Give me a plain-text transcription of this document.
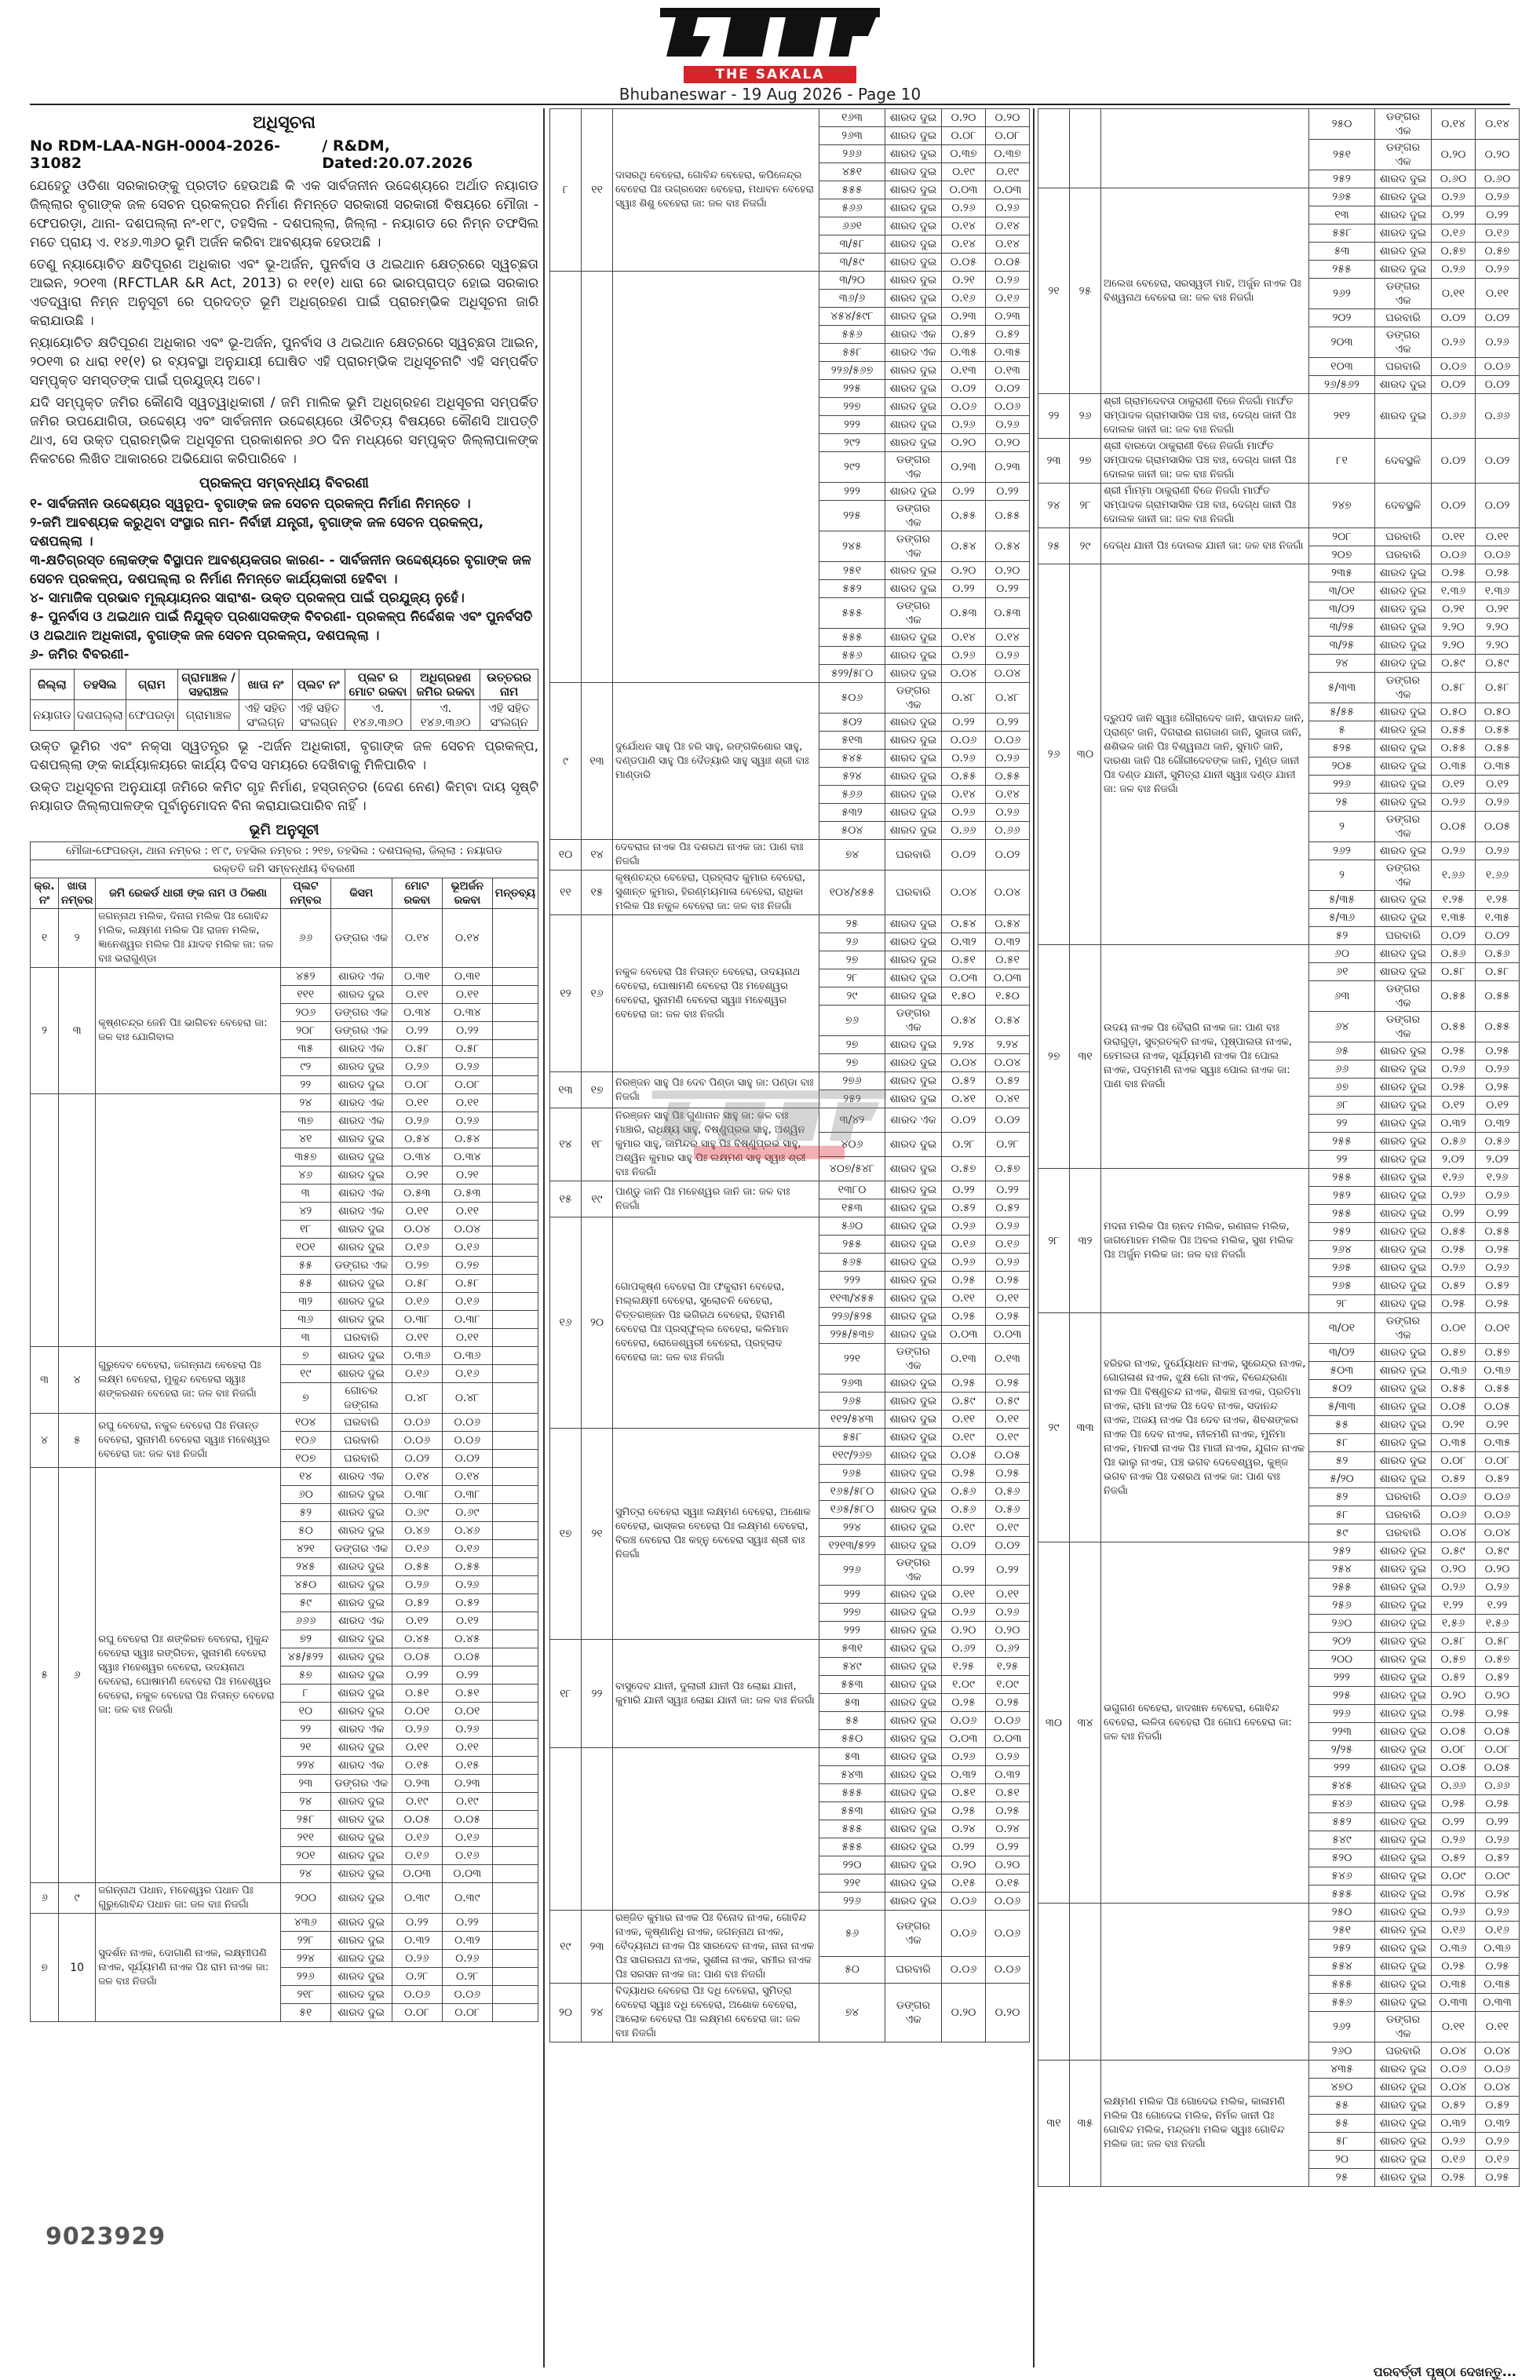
THE SAKALA
Bhubaneswar - 19 Aug 2026 - Page 10
ଅଧିସୂଚନା
No RDM-LAA-NGH-0004-2026-31082
/ R&DM, Dated:20.07.2026

ଯେହେତୁ ଓଡିଶା ସରକାରଙ୍କୁ ପ୍ରତୀତ ହେଉଅଛି କି ଏକ ସାର୍ବଜନୀନ ଉଦ୍ଦେଶ୍ୟରେ ଅର୍ଥାତ ନୟାଗଡ ଜିଲ୍ଲାର ବୃଗାଙ୍କ ଜଳ ସେଚନ ପ୍ରକଳ୍ପର ନିର୍ମାଣ ନିମନ୍ତେ ସରକାରୀ ସରକାରୀ ବିଷୟରେ ମୌଜା - ଫେପରଡ଼ା, ଥାନା- ଦଶପଲ୍ଲା ନଂ-୧୮୯, ତହସିଲ - ଦଶପଲ୍ଲା, ଜିଲ୍ଲା - ନୟାଗଡ ରେ ନିମ୍ନ ତଫସିଲ ମତେ ପ୍ରାୟ ଏ. ୧୪୬.୩୬୦ ଭୂମି ଅର୍ଜନ କରିବା ଆବଶ୍ୟକ ହେଉଅଛି ।

ତେଣୁ ନ୍ୟାୟୋଚିତ କ୍ଷତିପୂରଣ ଅଧିକାର ଏବଂ ଭୂ-ଅର୍ଜନ, ପୁନର୍ବାସ ଓ ଥଇଥାନ କ୍ଷେତ୍ରରେ ସ୍ୱଚ୍ଛତା ଆଇନ, ୨୦୧୩ (RFCTLAR &R Act, 2013) ର ୧୧(୧) ଧାରା ରେ ଭାରପ୍ରାପ୍ତ ହୋଇ ସରକାର ଏତଦ୍ୱାରା ନିମ୍ନ ଅନୁସୂଚୀ ରେ ପ୍ରଦତ୍ତ ଭୂମି ଅଧିଗ୍ରହଣ ପାଇଁ ପ୍ରାରମ୍ଭିକ ଅଧିସୂଚନା ଜାରି କରାଯାଉଛି ।

ନ୍ୟାୟୋଚିତ କ୍ଷତିପୂରଣ ଅଧିକାର ଏବଂ ଭୂ-ଅର୍ଜନ, ପୁନର୍ବାସ ଓ ଥଇଥାନ କ୍ଷେତ୍ରରେ ସ୍ୱଚ୍ଛତା ଆଇନ, ୨୦୧୩ ର ଧାରା ୧୧(୧) ର ବ୍ୟବସ୍ଥା ଅନୁଯାୟୀ ଘୋଷିତ ଏହି ପ୍ରାରମ୍ଭିକ ଅଧିସୂଚନାଟି ଏହି ସମ୍ପର୍କିତ ସମ୍ପୃକ୍ତ ସମସ୍ତଙ୍କ ପାଇଁ ପ୍ରଯୁଜ୍ୟ ଅଟେ।

ଯଦି ସମ୍ପୃକ୍ତ ଜମିର କୌଣସି ସ୍ୱତ୍ୱାଧିକାରୀ / ଜମି ମାଲିକ ଭୂମି ଅଧିଗ୍ରହଣ ଅଧିସୂଚନା ସମ୍ପର୍କିତ ଜମିର ଉପଯୋଗିତା, ଉଦ୍ଦେଶ୍ୟ ଏବଂ ସାର୍ବଜନୀନ ଉଦ୍ଦେଶ୍ୟରେ ଔଚିତ୍ୟ ବିଷୟରେ କୌଣସି ଆପତ୍ତି ଥାଏ, ସେ ଉକ୍ତ ପ୍ରାରମ୍ଭିକ ଅଧିସୂଚନା ପ୍ରକାଶନର ୬୦ ଦିନ ମଧ୍ୟରେ ସମ୍ପୃକ୍ତ ଜିଲ୍ଲାପାଳଙ୍କ ନିକଟରେ ଲିଖିତ ଆକାରରେ ଅଭିଯୋଗ କରିପାରିବେ ।

ପ୍ରକଳ୍ପ ସମ୍ବନ୍ଧୀୟ ବିବରଣୀ

୧- ସାର୍ବଜନୀନ ଉଦ୍ଦେଶ୍ୟର ସ୍ୱରୂପ- ବୃଗାଙ୍କ ଜଳ ସେଚନ ପ୍ରକଳ୍ପ ନିର୍ମାଣ ନିମନ୍ତେ ।

୨-ଜମି ଆବଶ୍ୟକ କରୁଥିବା ସଂସ୍ଥାର ନାମ- ନିର୍ବାହୀ ଯନ୍ତ୍ରୀ, ବୃଗାଙ୍କ ଜଳ ସେଚନ ପ୍ରକଳ୍ପ, ଦଶପଲ୍ଲା ।

୩-କ୍ଷତିଗ୍ରସ୍ତ ଲୋକଙ୍କ ବିସ୍ଥାପନ ଆବଶ୍ୟକତାର କାରଣ- - ସାର୍ବଜନୀନ ଉଦ୍ଦେଶ୍ୟରେ ବୃଗାଙ୍କ ଜଳ ସେଚନ ପ୍ରକଳ୍ପ, ଦଶପଲ୍ଲା ର ନିର୍ମାଣ ନିମନ୍ତେ କାର୍ଯ୍ୟକାରୀ ହେବିବା ।

୪- ସାମାଜିକ ପ୍ରଭାବ ମୂଲ୍ୟାୟନର ସାରାଂଶ- ଉକ୍ତ ପ୍ରକଳ୍ପ ପାଇଁ ପ୍ରଯୁଜ୍ୟ ନୁହେଁ।

୫- ପୁନର୍ବାସ ଓ ଥଇଥାନ ପାଇଁ ନିଯୁକ୍ତ ପ୍ରଶାସକଙ୍କ ବିବରଣୀ- ପ୍ରକଳ୍ପ ନିର୍ଦ୍ଦେଶକ ଏବଂ ପୁନର୍ବସତି ଓ ଥଇଥାନ ଅଧିକାରୀ, ବୃଗାଙ୍କ ଜଳ ସେଚନ ପ୍ରକଳ୍ପ, ଦଶପଲ୍ଲା ।

୬- ଜମିର ବିବରଣୀ-

ଜିଲ୍ଲା	ତହସିଲ	ଗ୍ରାମ	ଗ୍ରାମାଞ୍ଚଳ / ସହରାଞ୍ଚଳ	ଖାତା ନଂ	ପ୍ଲଟ ନଂ	ପ୍ଲଟ ର ମୋଟ ରକବା	ଅଧିଗ୍ରହଣ ଜମିର ରକବା	ଉତ୍ତରର ନାମ
ନୟାଗଡ	ଦଶପଲ୍ଲା	ଫେପରଡ଼ା	ଗ୍ରାମାଞ୍ଚଳ	ଏହି ସହିତ ସଂଲଗ୍ନ	ଏହି ସହିତ ସଂଲଗ୍ନ	ଏ. ୧୪୬.୩୬୦	ଏ. ୧୪୬.୩୬୦	ଏହି ସହିତ ସଂଲଗ୍ନ

ଉକ୍ତ ଭୂମିର ଏବଂ ନକ୍ସା ସ୍ୱତନ୍ତ୍ର ଭୂ -ଅର୍ଜନ ଅଧିକାରୀ, ବୃଗାଙ୍କ ଜଳ ସେଚନ ପ୍ରକଳ୍ପ, ଦଶପଲ୍ଲା ଙ୍କ କାର୍ଯ୍ୟାଳୟରେ କାର୍ଯ୍ୟ ଦିବସ ସମୟରେ ଦେଖିବାକୁ ମିଳିପାରିବ ।

ଉକ୍ତ ଅଧିସୂଚନା ଅନୁଯାୟୀ ଜମିରେ କମିଟ ଗୃହ ନିର୍ମାଣ, ହସ୍ତାନ୍ତର (ଦେଣ ନେଣ) କିମ୍ବା ଦାୟ ସୃଷ୍ଟି ନୟାଗଡ ଜିଲ୍ଲାପାଳଙ୍କ ପୂର୍ବାନୁମୋଦନ ବିନା କରାଯାଇପାରିବ ନାହିଁ ।

ଭୂମି ଅନୁସୂଚୀ
ମୌଜା-ଫେପରଡ଼ା, ଥାନା ନମ୍ବର : ୧୮୯, ତହସିଲ ନମ୍ବର : ୨୧୭, ତହସିଲ : ଦଶପଲ୍ଲା, ଜିଲ୍ଲା : ନୟାଗଡ
ରକ୍ତତି ଜମି ସମ୍ବନ୍ଧୀୟ ବିବରଣୀ
କ୍ର. ନଂ	ଖାତା ନମ୍ବର	ଜମି ରେକର୍ଡ ଧାରୀ ଙ୍କ ନାମ ଓ ଠିକଣା	ପ୍ଲଟ ନମ୍ବର	କିସମ	ମୋଟ ରକବା	ଭୂଅର୍ଜନ ରକବା	ମନ୍ତବ୍ୟ
୧	୨	ଜଗନ୍ନାଥ ମଲିକ, ଦିନାଗ ମଲିକ ପିଃ ଗୋବିନ୍ଦ ମଲିକ, ଲକ୍ଷ୍ମଣ ମଲିକ ପିଃ ରାଜନ ମଲିକ, ଜ୍ଞାନେଶ୍ୱର ମଲିକ ପିଃ ଯାଦବ ମଲିକ ଜା: ଜଳ ବାଃ ଭରାଗୁଣ୍ଡା	୬୬	ଡଙ୍ଗର ଏକ	୦.୧୪	୦.୧୪	
୨	୩	କୃଷ୍ଣଚନ୍ଦ୍ର ଜେନି ପିଃ ଭାଗିଚନ ବେହେରା ଜା: ଜଳ ବାଃ ଯୋଗିବାଲ	୪୫୨	ଶାରଦ ଏକ	୦.୩୧	୦.୩୧	
			୧୧୧	ଶାରଦ ଦୁଇ	୦.୧୧	୦.୧୧	
			୨୦୬	ଡଙ୍ଗର ଏକ	୦.୩୪	୦.୩୪	
			୨୦୮	ଡଙ୍ଗର ଏକ	୦.୨୨	୦.୨୨	
			୩୫	ଶାରଦ ଏକ	୦.୫୮	୦.୫୮	
			୯୨	ଶାରଦ ଦୁଇ	୦.୨୬	୦.୨୬	
			୨୨	ଶାରଦ ଦୁଇ	୦.୦୮	୦.୦୮	
			୨୪	ଶାରଦ ଏକ	୦.୧୧	୦.୧୧	
			୩୭	ଶାରଦ ଏକ	୦.୨୬	୦.୨୬	
			୪୧	ଶାରଦ ଦୁଇ	୦.୫୪	୦.୫୪	
			୩୫୭	ଶାରଦ ଦୁଇ	୦.୩୪	୦.୩୪	
			୪୬	ଶାରଦ ଦୁଇ	୦.୨୧	୦.୨୧	
			୩	ଶାରଦ ଏକ	୦.୫୩	୦.୫୩	
			୪୨	ଶାରଦ ଏକ	୦.୧୧	୦.୧୧	
			୧୮	ଶାରଦ ଦୁଇ	୦.୦୪	୦.୦୪	
			୧୦୧	ଶାରଦ ଦୁଇ	୦.୧୬	୦.୧୬	
			୫୫	ଡଙ୍ଗର ଏକ	୦.୨୭	୦.୨୭	
			୫୫	ଶାରଦ ଦୁଇ	୦.୫୮	୦.୫୮	
			୩୨	ଶାରଦ ଦୁଇ	୦.୧୬	୦.୧୬	
			୩୬	ଶାରଦ ଦୁଇ	୦.୩୮	୦.୩୮	
			୩	ଘରବାରି	୦.୧୧	୦.୧୧	
୩	୪	ଗୁରୁଦେବ ବେହେରା, ଜଗନ୍ନାଥ ବେହେରା ପିଃ ଲକ୍ଷ୍ମ ବେହେରା, ମୁକୁନ୍ଦ ବେହେରା ସ୍ୱାଃ ଶଙ୍କରଶନ ବେହେରା ଜା: ଜଳ ବାଃ ନିଜଗାଁ	୭	ଶାରଦ ଦୁଇ	୦.୩୬	୦.୩୬	
			୧୯	ଶାରଦ ଦୁଇ	୦.୧୬	୦.୧୬	
			୭	ଗୋଚର ଜଙ୍ଗଲ	୦.୪୮	୦.୪୮	
୪	୫	ରଘୁ ବେହେରା, ନକୁଳ ବେହେରା ପିଃ ନିତାନ୍ତ ବେହେରା, ସୁନାମଣି ବେହେରା ସ୍ୱାଃ ମହେଶ୍ୱର ବେହେରା ଜା: ଜଳ ବାଃ ନିଜଗାଁ	୧୦୪	ଘରବାରି	୦.୦୬	୦.୦୬	
			୧୦୬	ଘରବାରି	୦.୦୬	୦.୦୬	
			୧୦୭	ଘରବାରି	୦.୦୨	୦.୦୨	
୫	୬	ରଘୁ ବେହେରା ପିଃ ଶଙ୍କିରନ ବେହେରା, ମୁକୁନ୍ଦ ବେହେରା ସ୍ୱାଃ ରଙ୍ଗିତନ, ସୁନାମଣି ବେହେରା ସ୍ୱାଃ ମହେଶ୍ୱର ବେହେରା, ଉଦୟନାଥ ବେହେରା, ଘୋଷାମଣି ବେହେରା ପିଃ ମହେଶ୍ୱର ବେହେରା, ନକୁଳ ବେହେରା ପିଃ ନିତାନ୍ତ ବେହେରା ଜା: ଜଳ ବାଃ ନିଜଗାଁ	୧୪	ଶାରଦ ଏକ	୦.୧୪	୦.୧୪	
			୬୦	ଶାରଦ ଦୁଇ	୦.୩୮	୦.୩୮	
			୫୨	ଶାରଦ ଦୁଇ	୦.୬୯	୦.୬୯	
			୫୦	ଶାରଦ ଦୁଇ	୦.୪୬	୦.୪୬	
			୪୨୧	ଡଙ୍ଗର ଏକ	୦.୧୬	୦.୧୬	
			୨୪୫	ଶାରଦ ଦୁଇ	୦.୫୫	୦.୫୫	
			୪୫୦	ଶାରଦ ଦୁଇ	୦.୨୬	୦.୨୬	
			୫୯	ଶାରଦ ଦୁଇ	୦.୫୨	୦.୫୨	
			୬୬୬	ଶାରଦ ଏକ	୦.୧୨	୦.୧୨	
			୭୨	ଶାରଦ ଦୁଇ	୦.୪୫	୦.୪୫	
			୪୫/୫୨୨	ଶାରଦ ଦୁଇ	୦.୦୫	୦.୦୫	
			୫୭	ଶାରଦ ଦୁଇ	୦.୨୨	୦.୨୨	
			୮	ଶାରଦ ଦୁଇ	୦.୫୧	୦.୫୧	
			୧୦	ଶାରଦ ଦୁଇ	୦.୦୧	୦.୦୧	
			୨୨	ଶାରଦ ଏକ	୦.୨୬	୦.୨୬	
			୨୧	ଶାରଦ ଦୁଇ	୦.୧୧	୦.୧୧	
			୨୨୪	ଶାରଦ ଏକ	୦.୧୫	୦.୧୫	
			୨୩	ଡଙ୍ଗର ଏକ	୦.୨୩	୦.୨୩	
			୨୪	ଶାରଦ ଦୁଇ	୦.୧୯	୦.୧୯	
			୨୫୮	ଶାରଦ ଦୁଇ	୦.୦୫	୦.୦୫	
			୨୧୧	ଶାରଦ ଦୁଇ	୦.୧୬	୦.୧୬	
			୨୦୧	ଶାରଦ ଦୁଇ	୦.୧୬	୦.୧୬	
			୨୪	ଶାରଦ ଦୁଇ	୦.୦୩	୦.୦୩	
୬	୯	ଜଗନ୍ନାଥ ପଧାନ, ମହେଶ୍ୱର ପଧାନ ପିଃ ଗୁରୁଗୋବିନ୍ଦ ପଧାନ ଜା: ଜଳ ବାଃ ନିଜଗାଁ	୨୦୦	ଶାରଦ ଦୁଇ	୦.୩୯	୦.୩୯	
୭	10	ସୁଦର୍ଶନ ନାଏକ, ଦୋଗାଣି ନାଏକ, ଲକ୍ଷ୍ମୀପଣି ନାଏକ, ସୂର୍ଯ୍ୟମଣି ନାଏକ ପିଃ ରାମ ନାଏକ ଜା: ଜଳ ବାଃ ନିଜଗାଁ	୪୩୬	ଶାରଦ ଦୁଇ	୦.୨୨	୦.୨୨	
			୨୨୮	ଶାରଦ ଦୁଇ	୦.୩୨	୦.୩୨	
			୨୨୪	ଶାରଦ ଦୁଇ	୦.୨୬	୦.୨୬	
			୨୨୬	ଶାରଦ ଦୁଇ	୦.୨୮	୦.୨୮	
			୨୧୮	ଶାରଦ ଦୁଇ	୦.୦୬	୦.୦୬	
			୫୧	ଶାରଦ ଦୁଇ	୦.୦୮	୦.୦୮	
୮	୧୧	ଦାସରଥି ବେହେରା, ଗୋବିନ୍ଦ ବେହେରା, କପିଳେନ୍ଦ୍ର ବେହେରା ପିଃ ଉଗ୍ରସେନ ବେହେରା, ମଧାବନ ବେହେରା ସ୍ୱାଃ ଶିଶୁ ବେହେରା ଜା: ଜଳ ବାଃ ନିଜଗାଁ	୧୬୩	ଶାରଦ ଦୁଇ	୦.୨୦	୦.୨୦
			୨୬୩	ଶାରଦ ଦୁଇ	୦.୦୮	୦.୦୮
			୨୬୬	ଶାରଦ ଦୁଇ	୦.୩୭	୦.୩୭
			୪୫୧	ଶାରଦ ଦୁଇ	୦.୧୯	୦.୧୯
			୫୫୫	ଶାରଦ ଦୁଇ	୦.୦୩	୦.୦୩
			୫୬୬	ଶାରଦ ଦୁଇ	୦.୨୬	୦.୨୬
			୬୬୧	ଶାରଦ ଦୁଇ	୦.୧୪	୦.୧୪
			୩/୫୮	ଶାରଦ ଦୁଇ	୦.୧୪	୦.୧୪
			୩/୫୯	ଶାରଦ ଦୁଇ	୦.୦୫	୦.୦୫
			୩/୨୦	ଶାରଦ ଦୁଇ	୦.୨୧	୦.୨୬
			୩୬/୬	ଶାରଦ ଦୁଇ	୦.୧୬	୦.୧୬
			୪୫୪/୫୯୮	ଶାରଦ ଦୁଇ	୦.୨୩	୦.୨୩
			୫୫୬	ଶାରଦ ଏକ	୦.୫୨	୦.୫୨
			୫୫୮	ଶାରଦ ଏକ	୦.୩୫	୦.୩୫
			୨୨୬/୫୬୭	ଶାରଦ ଦୁଇ	୦.୧୩	୦.୧୩
			୨୨୫	ଶାରଦ ଦୁଇ	୦.୦୨	୦.୦୨
			୨୨୭	ଶାରଦ ଦୁଇ	୦.୦୬	୦.୦୬
			୨୨୨	ଶାରଦ ଦୁଇ	୦.୨୬	୦.୨୬
			୨୯୨	ଶାରଦ ଦୁଇ	୦.୨୦	୦.୨୦
			୨୯୨	ଡଙ୍ଗର ଏକ	୦.୨୩	୦.୨୩
			୨୨୨	ଶାରଦ ଦୁଇ	୦.୨୨	୦.୨୨
			୨୨୫	ଡଙ୍ଗର ଏକ	୦.୫୫	୦.୫୫
			୨୪୫	ଡଙ୍ଗର ଏକ	୦.୫୪	୦.୫୪
			୨୫୧	ଶାରଦ ଦୁଇ	୦.୨୦	୦.୨୦
			୫୫୨	ଶାରଦ ଦୁଇ	୦.୨୨	୦.୨୨
			୫୫୫	ଡଙ୍ଗର ଏକ	୦.୫୩	୦.୫୩
			୫୫୫	ଶାରଦ ଦୁଇ	୦.୧୪	୦.୧୪
			୫୫୬	ଶାରଦ ଦୁଇ	୦.୨୬	୦.୨୬
			୫୨୨/୫୮୦	ଶାରଦ ଦୁଇ	୦.୦୪	୦.୦୪
୯	୧୩	ଦୁର୍ଯୋଧନ ସାହୁ ପିଃ ହରି ସାହୁ, ରଙ୍ଗକିଶୋର ସାହୁ, ଦଣ୍ଡପାଣି ସାହୁ ପିଃ ଦୈତ୍ୟାରି ସାହୁ ସ୍ୱାଃ ଶ୍ରୀ ବାଃ ମାଣ୍ଡାରି	୫୦୬	ଡଙ୍ଗର ଏକ	୦.୪୮	୦.୪୮
			୫୦୨	ଶାରଦ ଦୁଇ	୦.୨୨	୦.୨୨
			୫୧୩	ଶାରଦ ଦୁଇ	୦.୦୬	୦.୦୬
			୫୪୫	ଶାରଦ ଦୁଇ	୦.୨୬	୦.୨୬
			୫୨୪	ଶାରଦ ଦୁଇ	୦.୫୫	୦.୫୫
			୫୬୬	ଶାରଦ ଦୁଇ	୦.୧୪	୦.୧୪
			୫୩୨	ଶାରଦ ଦୁଇ	୦.୨୬	୦.୨୬
			୫୦୪	ଶାରଦ ଦୁଇ	୦.୬୬	୦.୬୬
୧୦	୧୪	ଦେବରାଜ ନାଏକ ପିଃ ଦଶରଥ ନାଏକ ଜା: ପାଣ ବାଃ ନିଜଗାଁ	୭୪	ଘରବାରି	୦.୦୨	୦.୦୨
୧୧	୧୫	କୃଷ୍ଣଚନ୍ଦ୍ର ବେହେରା, ପ୍ରହ୍ଲାଦ କୁମାର ବେହେରା, ସୁଶାନ୍ତ କୁମାର, ହିରଣ୍ମୟମାଳା ବେହେରା, ରାଧିକା ମଲିକ ପିଃ ନକୁଳ ବେହେରା ଜା: ଜଳ ବାଃ ନିଜଗାଁ	୧୦୪/୪୫୫	ଘରବାରି	୦.୦୪	୦.୦୪
୧୨	୧୬	ନକୁଳ ବେହେରା ପିଃ ନିତାନ୍ତ ବେହେରା, ଉଦୟନାଥ ବେହେରା, ଘୋଷାମଣି ବେହେରା ପିଃ ମହେଶ୍ୱର ବେହେରା, ସୁନାମଣି ବେହେରା ସ୍ୱାଃ ମହେଶ୍ୱର ବେହେରା ଜା: ଜଳ ବାଃ ନିଜଗାଁ	୨୫	ଶାରଦ ଦୁଇ	୦.୫୪	୦.୫୪
			୨୬	ଶାରଦ ଦୁଇ	୦.୩୨	୦.୩୨
			୨୭	ଶାରଦ ଦୁଇ	୦.୫୧	୦.୫୧
			୨୮	ଶାରଦ ଦୁଇ	୦.୦୩	୦.୦୩
			୨୯	ଶାରଦ ଦୁଇ	୧.୫୦	୧.୫୦
			୭୬	ଡଙ୍ଗର ଏକ	୦.୫୪	୦.୫୪
			୨୭	ଶାରଦ ଦୁଇ	୨.୨୪	୨.୨୪
			୨୭	ଶାରଦ ଦୁଇ	୦.୦୪	୦.୦୪
୧୩	୧୭	ନିରଞ୍ଜନ ସାହୁ ପିଃ ଦେବ ପିଣ୍ଡା ସାହୁ ଜା: ପଣ୍ଡା ବାଃ ନିଜଗାଁ	୨୭୬	ଶାରଦ ଦୁଇ	୦.୫୨	୦.୫୨
			୨୫୨	ଶାରଦ ଦୁଇ	୦.୪୧	୦.୪୧
୧୪	୧୮	ନିରଞ୍ଜନ ସାହୁ ପିଃ ଗୁଣାନାନ ସାହୁ ଜା: ଜଳ ବାଃ ମାଞ୍ଚାରି, ରାଧିକ୍ଷ୍ୟ ସାହୁ, ବିଷ୍ଣୁପ୍ରଭ ସାହୁ, ଅଶ୍ୱିନ କୁମାର ସାହୁ, ଜାମିନ୍ଦର ସାହୁ ପିଃ ବିଷ୍ଣୁପ୍ରଭ ସାହୁ, ଅଶ୍ୱିନ କୁମାର ସାହୁ ପିଃ ଲକ୍ଷ୍ମଣ ସାହୁ ସ୍ୱାଃ ଶ୍ରୀ ବାଃ ନିଜଗାଁ	୩/୪୨	ଶାରଦ ଏକ	୦.୦୨	୦.୦୨
			୪୦୬	ଶାରଦ ଦୁଇ	୦.୨୮	୦.୨୮
			୪୦୭/୫୪୮	ଶାରଦ ଦୁଇ	୦.୫୭	୦.୫୭
୧୫	୧୯	ପାଣ୍ଡୁ ଜାନି ପିଃ ମହେଶ୍ୱର ଜାନି ଜା: ଜଳ ବାଃ ନିଜଗାଁ	୧୩୮୦	ଶାରଦ ଦୁଇ	୦.୨୨	୦.୨୨
			୧୫୩	ଶାରଦ ଦୁଇ	୦.୫୨	୦.୫୨
୧୬	୨୦	ଗୋପକୃଷ୍ଣ ବେହେରା ପିଃ ଫକୁରାମ ବେହେରା, ମଲ୍ଲକ୍ଷ୍ମୀ ବେହେରା, ସୁଲୋଚନି ବେହେରା, ଚିତ୍ତରଞ୍ଜନ ପିଃ ଭଗିରଥ ବେହେରା, ହିରାମଣି ବେହେରା ପିଃ ପ୍ରସ୍ଫୁଲ୍ଲ ବେହେରା, କଲିମାନ ବେହେରା, ରୋଜେଶ୍ୱରୀ ବେହେରା, ପ୍ରହ୍ଲାଦ ବେହେରା ଜା: ଜଳ ବାଃ ନିଜଗାଁ	୫୬୦	ଶାରଦ ଦୁଇ	୦.୨୬	୦.୨୬
			୨୫୫	ଶାରଦ ଦୁଇ	୦.୧୬	୦.୧୬
			୫୬୫	ଶାରଦ ଦୁଇ	୦.୨୬	୦.୨୬
			୨୨୨	ଶାରଦ ଦୁଇ	୦.୨୫	୦.୨୫
			୧୧୩/୪୫୫	ଶାରଦ ଦୁଇ	୦.୧୧	୦.୧୧
			୨୨୬/୫୨୫	ଶାରଦ ଦୁଇ	୦.୨୫	୦.୨୫
			୨୨୫/୫୩୭	ଶାରଦ ଦୁଇ	୦.୦୩	୦.୦୩
			୨୨୧	ଡଙ୍ଗର ଏକ	୦.୧୩	୦.୧୩
			୨୬୩	ଶାରଦ ଦୁଇ	୦.୨୫	୦.୨୫
			୨୬୫	ଶାରଦ ଦୁଇ	୦.୫୯	୦.୫୯
			୧୧୨/୫୪୩	ଶାରଦ ଦୁଇ	୦.୧୧	୦.୧୧
୧୭	୨୧	ସୁମିତ୍ରା ବେହେରା ସ୍ୱାଃ ଲକ୍ଷ୍ମଣ ବେହେରା, ଅଶୋକ ବେହେରା, ଭାସ୍କର ବେହେରା ପିଃ ଲକ୍ଷ୍ମଣ ବେହେରା, ବିରଞ୍ଚ ବେହେରା ପିଃ କହ୍ନୁ ବେହେରା ସ୍ୱାଃ ଶ୍ରୀ ବାଃ ନିଜଗାଁ	୫୫୮	ଶାରଦ ଦୁଇ	୦.୧୯	୦.୧୯
			୧୧୯/୨୬୭	ଶାରଦ ଦୁଇ	୦.୦୫	୦.୦୫
			୨୬୫	ଶାରଦ ଦୁଇ	୦.୨୫	୦.୨୫
			୧୬୫/୫୮୦	ଶାରଦ ଦୁଇ	୦.୫୬	୦.୫୬
			୧୬୫/୫୮୦	ଶାରଦ ଦୁଇ	୦.୫୬	୦.୫୬
			୨୨୪	ଶାରଦ ଦୁଇ	୦.୧୯	୦.୧୯
			୧୨୧୩/୫୨୨	ଶାରଦ ଦୁଇ	୦.୦୨	୦.୦୨
			୨୨୬	ଡଙ୍ଗର ଏକ	୦.୨୨	୦.୨୨
			୨୨୨	ଶାରଦ ଦୁଇ	୦.୧୧	୦.୧୧
			୨୨୭	ଶାରଦ ଦୁଇ	୦.୨୬	୦.୨୬
			୨୨୨	ଶାରଦ ଦୁଇ	୦.୨୦	୦.୨୦
୧୮	୨୨	ବାସୁଦେବ ଯାନୀ, ଦୁଲାରୀ ଯାନୀ ପିଃ ଲୋଛା ଯାନୀ, କୁମାରି ଯାନୀ ସ୍ୱାଃ ଲୋଛା ଯାନୀ ଜା: ଜଳ ବାଃ ନିଜଗାଁ	୫୩୧	ଶାରଦ ଦୁଇ	୦.୬୨	୦.୬୨
			୫୪୯	ଶାରଦ ଦୁଇ	୧.୨୫	୧.୨୫
			୫୫୩	ଶାରଦ ଦୁଇ	୧.୦୯	୧.୦୯
			୫୩	ଶାରଦ ଦୁଇ	୦.୨୫	୦.୨୫
			୫୫	ଶାରଦ ଦୁଇ	୦.୦୬	୦.୦୬
			୫୫୦	ଶାରଦ ଦୁଇ	୦.୦୩	୦.୦୩
			୫୩	ଶାରଦ ଦୁଇ	୦.୨୬	୦.୨୬
			୫୪୩	ଶାରଦ ଦୁଇ	୦.୩୨	୦.୩୨
			୫୫୫	ଶାରଦ ଦୁଇ	୦.୫୧	୦.୫୧
			୫୫୩	ଶାରଦ ଦୁଇ	୦.୨୫	୦.୨୫
			୫୫୫	ଶାରଦ ଦୁଇ	୦.୨୪	୦.୨୪
			୫୫୫	ଶାରଦ ଦୁଇ	୦.୨୨	୦.୨୨
			୨୨୦	ଶାରଦ ଦୁଇ	୦.୨୦	୦.୨୦
			୨୨୧	ଶାରଦ ଦୁଇ	୦.୧୫	୦.୧୫
			୨୨୬	ଶାରଦ ଦୁଇ	୦.୦୬	୦.୦୬
୧୯	୨୩	ରଞ୍ଜିତ କୁମାର ନାଏକ ପିଃ ବିନୋଦ ନାଏକ, ଗୋବିନ୍ଦ ନାଏକ, କୃଷ୍ଣାନିଧି ନାଏକ, ଜଗନ୍ନାଥ ନାଏକ, ବୈଦ୍ୟନାଥ ନାଏକ ପିଃ ସାରଦେବ ନାଏକ, ନାନା ନାଏକ ପିଃ ସାଗରନାଥ ନାଏକ, ସୁଶୀଳା ନାଏକ, ସମୀର ନାଏକ ପିଃ ସରସନ ନାଏକ ଜା: ପାଣ ବାଃ ନିଜଗାଁ	୫୬	ଡଙ୍ଗର ଏକ	୦.୦୬	୦.୦୬
			୫୦	ଘରବାରି	୦.୦୬	୦.୦୬
୨୦	୨୪	ବିଦ୍ୟାଧର ବେହେରା ପିଃ ଦଧି ବେହେରା, ସୁମିତ୍ରା ବେହେରା ସ୍ୱାଃ ଦଧି ବେହେରା, ଅଶୋକ ବେହେରା, ଆଲୋକ ବେହେରା ପିଃ ଲକ୍ଷ୍ମଣ ବେହେରା ଜା: ଜଳ ବାଃ ନିଜଗାଁ	୭୪	ଡଙ୍ଗର ଏକ	୦.୨୦	୦.୨୦
			୨୫୦	ଡଙ୍ଗର ଏକ	୦.୧୪	୦.୧୪
			୨୫୧	ଡଙ୍ଗର ଏକ	୦.୨୦	୦.୨୦
			୨୫୨	ଶାରଦ ଦୁଇ	୦.୬୦	୦.୬୦
୨୧	୨୫	ଅଲେଖ ବେହେରା, ସରସ୍ୱତୀ ମାହି, ଅର୍ଜୁନ ନାଏକ ପିଃ ବିଶ୍ୱନାଥ ବେହେରା ଜା: ଜଳ ବାଃ ନିଜଗାଁ	୨୬୫	ଶାରଦ ଦୁଇ	୦.୨୬	୦.୨୬
			୧୩	ଶାରଦ ଦୁଇ	୦.୨୨	୦.୨୨
			୫୫୮	ଶାରଦ ଦୁଇ	୦.୧୬	୦.୧୬
			୫୩	ଶାରଦ ଦୁଇ	୦.୫୭	୦.୫୭
			୨୫୫	ଶାରଦ ଦୁଇ	୦.୨୬	୦.୨୬
			୨୬୨	ଡଙ୍ଗର ଏକ	୦.୧୧	୦.୧୧
			୨୦୨	ଘରବାରି	୦.୦୨	୦.୦୨
			୨୦୩	ଡଙ୍ଗର ଏକ	୦.୨୬	୦.୨୬
			୧୦୩	ଘରବାରି	୦.୦୬	୦.୦୬
			୨୬/୫୬୨	ଶାରଦ ଦୁଇ	୦.୦୨	୦.୦୨
୨୨	୨୬	ଶ୍ରୀ ଗ୍ରାମଦେବତା ଠାକୁରାଣୀ ବିଜେ ନିଜଗାଁ ମାର୍ଫତ ସମ୍ପାଦକ ଗ୍ରାମସାସିକ ପଞ୍ଚ ବାଃ, ଦେଗ୍ଧ ଜାନୀ ପିଃ ଦୋଲକ ଜାନୀ ଜା: ଜଳ ବାଃ ନିଜଗାଁ	୨୧୨	ଶାରଦ ଦୁଇ	୦.୬୬	୦.୬୬
୨୩	୨୭	ଶ୍ରୀ ବାରଦୋ ଠାକୁରାଣୀ ବିଜେ ନିଜଗାଁ ମାର୍ଫତ ସମ୍ପାଦକ ଗ୍ରାମସାସିକ ପଞ୍ଚ ବାଃ, ଦେଗ୍ଧ ଜାନୀ ପିଃ ଦୋଲକ ଜାନୀ ଜା: ଜଳ ବାଃ ନିଜଗାଁ	୮୧	ଦେବସ୍ଥଳି	୦.୦୨	୦.୦୨
୨୪	୨୮	ଶ୍ରୀ ମାଁମ୍ମା ଠାକୁରାଣୀ ବିଜେ ନିଜଗାଁ ମାର୍ଫତ ସମ୍ପାଦକ ଗ୍ରାମସାସିକ ପଞ୍ଚ ବାଃ, ଦେଗ୍ଧ ଜାନୀ ପିଃ ଦୋଲକ ଜାନୀ ଜା: ଜଳ ବାଃ ନିଜଗାଁ	୨୪୭	ଦେବସ୍ଥଳି	୦.୦୨	୦.୦୨
୨୫	୨୯	ଦେଗ୍ଧ ଯାନୀ ପିଃ ଦୋଲକ ଯାନୀ ଜା: ଜଳ ବାଃ ନିଜଗାଁ	୨୦୮	ଘରବାରି	୦.୧୧	୦.୧୧
			୨୦୭	ଘରବାରି	୦.୦୬	୦.୦୬
୨୬	୩୦	ଦ୍ରୁପଦି ଜାନି ସ୍ୱାଃ ଗୌରାଦେବ ଜାନି, ସାଦାନନ୍ଦ ଜାନି, ପ୍ରାଣ୍ଟ ଜାନି, ଦିଗରାଈ ନାଗଜାଣ ଜାନି, ସୁଜାତା ଜାନି, ଶଶିଭଳ ଜାନି ପିଃ ବିଶ୍ୱନାଥ ଜାନି, ସୁମାତି ଜାନି, ଦାରଶା ଜାନି ପିଃ ଗୌରୀଦେବଙ୍କ ଜାନି, ମୁଣ୍ଡ ଜାନୀ ପିଃ ଦଣ୍ଡ ଯାନୀ, ସୁମିତ୍ରା ଯାନୀ ସ୍ୱାଃ ଦଣ୍ଡ ଯାନୀ ଜା: ଜଳ ବାଃ ନିଜଗାଁ	୨୩୫	ଶାରଦ ଦୁଇ	୦.୨୫	୦.୨୫
			୩/୦୧	ଶାରଦ ଦୁଇ	୧.୩୬	୧.୩୬
			୩/୦୨	ଶାରଦ ଦୁଇ	୦.୨୧	୦.୨୧
			୩/୨୫	ଶାରଦ ଦୁଇ	୨.୨୦	୨.୨୦
			୩/୨୫	ଶାରଦ ଦୁଇ	୨.୨୦	୨.୨୦
			୨୪	ଶାରଦ ଦୁଇ	୦.୫୯	୦.୫୯
			୫/୩୩	ଡଙ୍ଗର ଏକ	୦.୫୮	୦.୫୮
			୫/୫୫	ଶାରଦ ଦୁଇ	୦.୫୦	୦.୫୦
			୫	ଶାରଦ ଦୁଇ	୦.୫୫	୦.୫୫
			୫୨୫	ଶାରଦ ଦୁଇ	୦.୫୫	୦.୫୫
			୨୦୫	ଶାରଦ ଦୁଇ	୦.୩୫	୦.୩୫
			୨୨୬	ଶାରଦ ଦୁଇ	୦.୧୨	୦.୧୨
			୨୫	ଶାରଦ ଦୁଇ	୦.୨୬	୦.୨୬
			୨	ଡଙ୍ଗର ଏକ	୦.୦୫	୦.୦୫
			୨୬୨	ଶାରଦ ଦୁଇ	୦.୨୬	୦.୨୬
			୨	ଡଙ୍ଗର ଏକ	୧.୬୬	୧.୬୬
			୫/୩୫	ଶାରଦ ଦୁଇ	୧.୨୫	୧.୨୫
			୫/୩୬	ଶାରଦ ଦୁଇ	୧.୩୫	୧.୩୫
			୫୨	ଘରବାରି	୦.୦୨	୦.୦୨
୨୭	୩୧	ଉଦୟ ନାଏକ ପିଃ ବୈରାଗି ନାଏକ ଜା: ପାଣ ବାଃ ଉରାଗୁଡ଼ା, ସୁବ୍ରତକ୍ତି ନାଏକ, ପୂଷ୍ପାଲତା ନାଏକ, ହେମଲତା ନାଏକ, ସୂର୍ଯ୍ୟମଣି ନାଏକ ପିଃ ପୋଲ ନାଏକ, ପଦ୍ମମଣି ନାଏକ ସ୍ୱାଃ ପୋଲ ନାଏକ ଜା: ପାଣ ବାଃ ନିଜଗାଁ	୬୦	ଶାରଦ ଦୁଇ	୦.୫୬	୦.୫୬
			୬୧	ଶାରଦ ଦୁଇ	୦.୫୮	୦.୫୮
			୬୩	ଡଙ୍ଗର ଏକ	୦.୫୫	୦.୫୫
			୬୪	ଡଙ୍ଗର ଏକ	୦.୫୫	୦.୫୫
			୬୫	ଶାରଦ ଦୁଇ	୦.୨୫	୦.୨୫
			୬୬	ଶାରଦ ଦୁଇ	୦.୨୬	୦.୨୬
			୬୭	ଶାରଦ ଦୁଇ	୦.୨୫	୦.୨୫
			୬୮	ଶାରଦ ଦୁଇ	୦.୧୨	୦.୧୨
			୨୨	ଶାରଦ ଦୁଇ	୦.୩୨	୦.୩୨
			୨୫୫	ଶାରଦ ଦୁଇ	୦.୫୬	୦.୫୬
			୨୨	ଶାରଦ ଦୁଇ	୨.୦୨	୨.୦୨
୨୮	୩୨	ମଦନା ମଲିକ ପିଃ ଋନଦ ମଲିକ, ରଣନାଳ ମଲିକ, ଜାଗମୋହନ ମଲିକ ପିଃ ଅବଲ ମଲିକ, ସୁଖ ମଲିକ ପିଃ ଅର୍ଜୁନ ମଲିକ ଜା: ଜଳ ବାଃ ନିଜଗାଁ	୨୫୫	ଶାରଦ ଦୁଇ	୧.୨୬	୧.୨୬
			୨୫୨	ଶାରଦ ଦୁଇ	୦.୨୬	୦.୨୬
			୨୫୫	ଶାରଦ ଦୁଇ	୦.୨୨	୦.୨୨
			୨୫୨	ଶାରଦ ଦୁଇ	୦.୫୫	୦.୫୫
			୨୬୪	ଶାରଦ ଦୁଇ	୦.୨୫	୦.୨୫
			୨୬୫	ଶାରଦ ଦୁଇ	୦.୨୬	୦.୨୬
			୨୬୫	ଶାରଦ ଦୁଇ	୦.୫୨	୦.୫୨
			୨୮	ଶାରଦ ଦୁଇ	୦.୨୫	୦.୨୫
୨୯	୩୩	ହରିହର ନାଏକ, ଦୁର୍ଯ୍ୟୋଧନ ନାଏକ, ସୁରେନ୍ଦ୍ର ନାଏକ, ଗୋଗଳାଶ ନାଏକ, ଝୁକ୍ଷ ଗୋ ନାଏକ, ବିରେନ୍ଦ୍ରଣା ନାଏକ ପିଃ ବିଷ୍ଣୁଚନ୍ଦ ନାଏକ, ଶିକଞ୍ଚ ନାଏକ, ପ୍ରତିମା ନାଏକ, ରାମା ନାଏକ ପିଃ ଦେବ ନାଏକ, ସଦାନନ୍ଦ ନାଏକ, ଅଜୟ ନାଏକ ପିଃ ଦେବ ନାଏକ, ଶିବଶଙ୍କର ନାଏକ ପିଃ ଦେବ ନାଏକ, ନୀଳମଣି ନାଏକ, ମୁନିମା ନାଏକ, ମାନସୀ ନାଏକ ପିଃ ମାଜୀ ନାଏକ, ଯୁଗଳ ନାଏକ ପିଃ ଭାଲୁ ନାଏକ, ପଞ୍ଚ ଭଗବ ଦେବେଶ୍ୱର, କୁଞ୍ଜ ଭଗବ ନାଏକ ପିଃ ଦଶରଥ ନାଏକ ଜା: ପାଣ ବାଃ ନିଜଗାଁ	୩/୦୧	ଡଙ୍ଗର ଏକ	୦.୦୧	୦.୦୧
			୩/୦୨	ଶାରଦ ଦୁଇ	୦.୫୭	୦.୫୭
			୫୦୩	ଶାରଦ ଦୁଇ	୦.୩୬	୦.୩୬
			୫୦୨	ଶାରଦ ଦୁଇ	୦.୫୫	୦.୫୫
			୫/୩୩	ଶାରଦ ଦୁଇ	୦.୦୫	୦.୦୫
			୫୫	ଶାରଦ ଦୁଇ	୦.୨୧	୦.୨୧
			୫୮	ଶାରଦ ଦୁଇ	୦.୩୫	୦.୩୫
			୫୨	ଶାରଦ ଦୁଇ	୦.୦୮	୦.୦୮
			୫/୨୦	ଶାରଦ ଦୁଇ	୦.୫୨	୦.୫୨
			୫୨	ଘରବାରି	୦.୦୬	୦.୦୬
			୫୮	ଘରବାରି	୦.୦୬	୦.୦୬
			୫୯	ଘରବାରି	୦.୦୪	୦.୦୪
୩୦	୩୪	ଭଗୁଗଣ ବେହେରା, ହାଦଖାନ ବେହେରା, ଗୋବିନ୍ଦ ବେହେରା, ଲଳିତା ବେହେରା ପିଃ ଗୋପ ବେହେରା ଜା: ଜଳ ବାଃ ନିଜଗାଁ	୨୫୨	ଶାରଦ ଦୁଇ	୦.୫୯	୦.୫୯
			୨୫୪	ଶାରଦ ଦୁଇ	୦.୨୦	୦.୨୦
			୨୫୫	ଶାରଦ ଦୁଇ	୦.୨୬	୦.୨୬
			୨୫୬	ଶାରଦ ଦୁଇ	୧.୨୨	୧.୨୨
			୨୬୦	ଶାରଦ ଦୁଇ	୧.୫୬	୧.୫୬
			୨୦୨	ଶାରଦ ଦୁଇ	୦.୫୮	୦.୫୮
			୨୦୦	ଶାରଦ ଦୁଇ	୦.୫୭	୦.୫୭
			୨୨୨	ଶାରଦ ଦୁଇ	୦.୫୨	୦.୫୨
			୨୨୫	ଶାରଦ ଦୁଇ	୦.୨୦	୦.୨୦
			୨୨୬	ଶାରଦ ଦୁଇ	୦.୨୫	୦.୨୫
			୨୨୩	ଶାରଦ ଦୁଇ	୦.୦୫	୦.୦୫
			୨/୨୫	ଶାରଦ ଦୁଇ	୦.୦୮	୦.୦୮
			୨୨୨	ଶାରଦ ଦୁଇ	୦.୦୫	୦.୦୫
			୫୪୫	ଶାରଦ ଦୁଇ	୦.୬୬	୦.୬୬
			୫୪୬	ଶାରଦ ଦୁଇ	୦.୨୫	୦.୨୫
			୫୫୨	ଶାରଦ ଦୁଇ	୦.୨୨	୦.୨୨
			୫୪୯	ଶାରଦ ଦୁଇ	୦.୨୬	୦.୨୬
			୫୨୦	ଶାରଦ ଦୁଇ	୦.୫୨	୦.୫୨
			୫୪୬	ଶାରଦ ଦୁଇ	୦.୦୯	୦.୦୯
			୫୫୫	ଶାରଦ ଦୁଇ	୦.୨୪	୦.୨୪
			୨୫୦	ଶାରଦ ଦୁଇ	୦.୨୬	୦.୨୬
			୨୫୧	ଶାରଦ ଦୁଇ	୦.୧୬	୦.୧୬
			୨୫୨	ଶାରଦ ଦୁଇ	୦.୩୬	୦.୩୬
			୫୫୪	ଶାରଦ ଦୁଇ	୦.୨୫	୦.୨୫
			୫୫୫	ଶାରଦ ଦୁଇ	୦.୩୫	୦.୩୫
			୫୫୬	ଶାରଦ ଦୁଇ	୦.୩୩	୦.୩୩
			୨୬୨	ଡଙ୍ଗର ଏକ	୦.୧୧	୦.୧୧
			୨୬୦	ଘରବାରି	୦.୦୪	୦.୦୪
୩୧	୩୫	ଲକ୍ଷ୍ମଣ ମଲିକ ପିଃ ଗୋଦେଇ ମଲିକ, କାଳାମଣି ମଲିକ ପିଃ ଗୋଦେଇ ମଲିକ, ନିର୍ମଳ ଜାନୀ ପିଃ ଗୋବିନ୍ଦ ମଲିକ, ମନ୍ଦ୍ରମା ମଲିକ ସ୍ୱାଃ ଗୋବିନ୍ଦ ମଲିକ ଜା: ଜଳ ବାଃ ନିଜଗାଁ	୪୩୫	ଶାରଦ ଦୁଇ	୦.୦୬	୦.୦୬
			୪୭୦	ଶାରଦ ଦୁଇ	୦.୦୪	୦.୦୪
			୫୫	ଶାରଦ ଦୁଇ	୦.୫୨	୦.୫୨
			୫୫	ଶାରଦ ଦୁଇ	୦.୩୨	୦.୩୨
			୫୮	ଶାରଦ ଦୁଇ	୦.୨୬	୦.୨୬
			୨୦	ଶାରଦ ଦୁଇ	୦.୧୬	୦.୧୬
			୨୫	ଶାରଦ ଦୁଇ	୦.୨୫	୦.୨୫
9023929
ପରବର୍ତ୍ତୀ ପୃଷ୍ଠା ଦେଖନ୍ତୁ...
